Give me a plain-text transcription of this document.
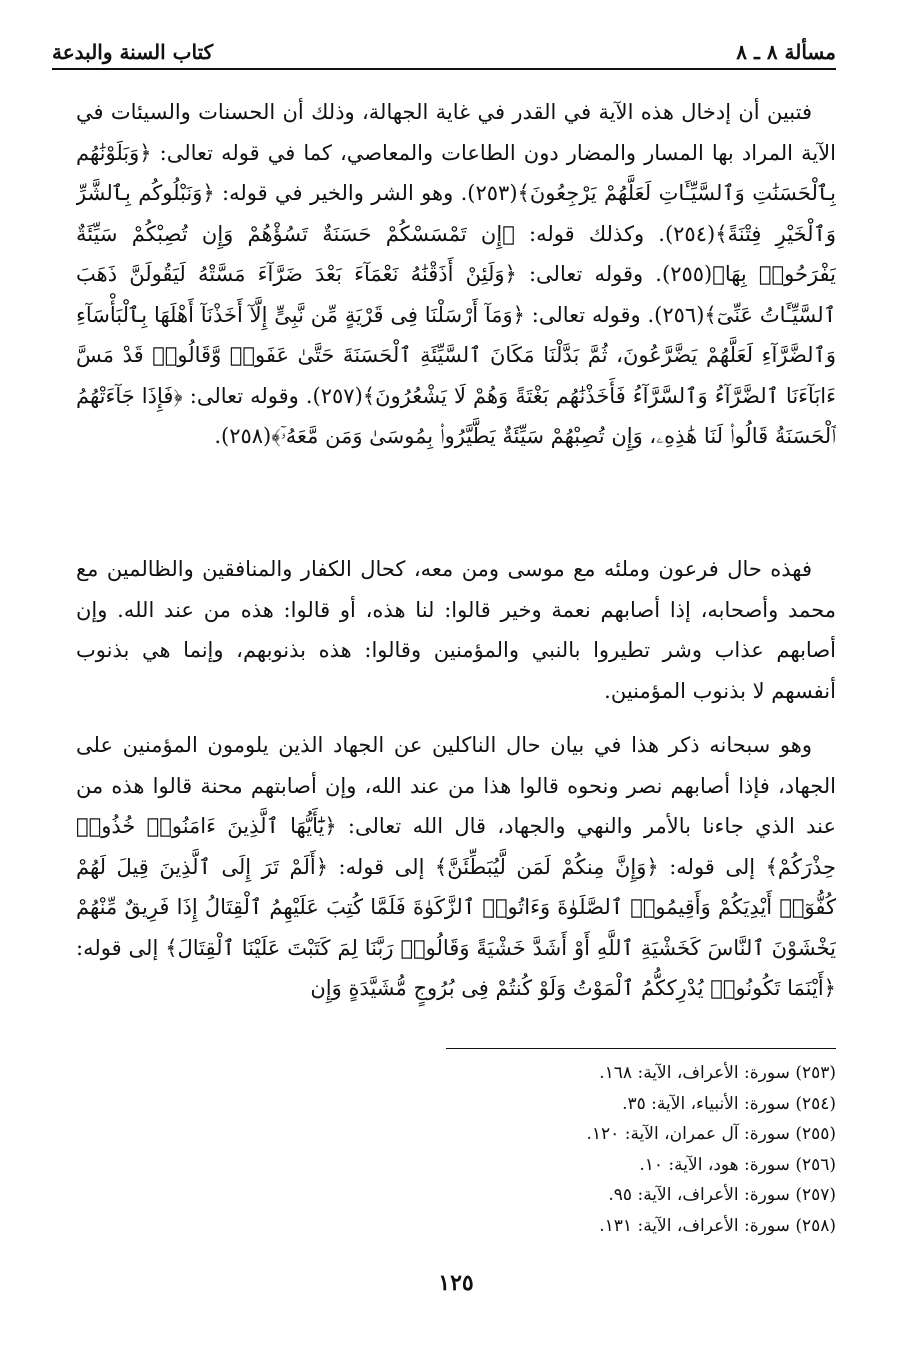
مسألة ٨ ـ ٨
كتاب السنة والبدعة

فتبين أن إدخال هذه الآية في القدر في غاية الجهالة، وذلك أن الحسنات والسيئات في الآية المراد بها المسار والمضار دون الطاعات والمعاصي، كما في قوله تعالى: ﴿وَبَلَوْنَٰهُم بِٱلْحَسَنَٰتِ وَٱلسَّيِّـَٔاتِ لَعَلَّهُمْ يَرْجِعُونَ﴾(٢٥٣). وهو الشر والخير في قوله: ﴿وَنَبْلُوكُم بِٱلشَّرِّ وَٱلْخَيْرِ فِتْنَةً﴾(٢٥٤). وكذلك قوله: ﴿إِن تَمْسَسْكُمْ حَسَنَةٌ تَسُؤْهُمْ وَإِن تُصِبْكُمْ سَيِّئَةٌ يَفْرَحُوا۟ بِهَا﴾(٢٥٥). وقوله تعالى: ﴿وَلَئِنْ أَذَقْنَٰهُ نَعْمَآءَ بَعْدَ ضَرَّآءَ مَسَّتْهُ لَيَقُولَنَّ ذَهَبَ ٱلسَّيِّـَٔاتُ عَنِّىٓ﴾(٢٥٦). وقوله تعالى: ﴿وَمَآ أَرْسَلْنَا فِى قَرْيَةٍ مِّن نَّبِىٍّ إِلَّآ أَخَذْنَآ أَهْلَهَا بِٱلْبَأْسَآءِ وَٱلضَّرَّآءِ لَعَلَّهُمْ يَضَّرَّعُونَ، ثُمَّ بَدَّلْنَا مَكَانَ ٱلسَّيِّئَةِ ٱلْحَسَنَةَ حَتَّىٰ عَفَوا۟ وَّقَالُوا۟ قَدْ مَسَّ ءَابَآءَنَا ٱلضَّرَّآءُ وَٱلسَّرَّآءُ فَأَخَذْنَٰهُم بَغْتَةً وَهُمْ لَا يَشْعُرُونَ﴾(٢٥٧). وقوله تعالى: ﴿فَإِذَا جَآءَتْهُمُ ٱلْحَسَنَةُ قَالُوا۟ لَنَا هَٰذِهِۦ، وَإِن تُصِبْهُمْ سَيِّئَةٌ يَطَّيَّرُوا۟ بِمُوسَىٰ وَمَن مَّعَهُۥٓ﴾(٢٥٨).

فهذه حال فرعون وملئه مع موسى ومن معه، كحال الكفار والمنافقين والظالمين مع محمد وأصحابه، إذا أصابهم نعمة وخير قالوا: لنا هذه، أو قالوا: هذه من عند الله. وإن أصابهم عذاب وشر تطيروا بالنبي والمؤمنين وقالوا: هذه بذنوبهم، وإنما هي بذنوب أنفسهم لا بذنوب المؤمنين.

وهو سبحانه ذكر هذا في بيان حال الناكلين عن الجهاد الذين يلومون المؤمنين على الجهاد، فإذا أصابهم نصر ونحوه قالوا هذا من عند الله، وإن أصابتهم محنة قالوا هذه من عند الذي جاءنا بالأمر والنهي والجهاد، قال الله تعالى: ﴿يَٰٓأَيُّهَا ٱلَّذِينَ ءَامَنُوا۟ خُذُوا۟ حِذْرَكُمْ﴾ إلى قوله: ﴿وَإِنَّ مِنكُمْ لَمَن لَّيُبَطِّئَنَّ﴾ إلى قوله: ﴿أَلَمْ تَرَ إِلَى ٱلَّذِينَ قِيلَ لَهُمْ كُفُّوٓا۟ أَيْدِيَكُمْ وَأَقِيمُوا۟ ٱلصَّلَوٰةَ وَءَاتُوا۟ ٱلزَّكَوٰةَ فَلَمَّا كُتِبَ عَلَيْهِمُ ٱلْقِتَالُ إِذَا فَرِيقٌ مِّنْهُمْ يَخْشَوْنَ ٱلنَّاسَ كَخَشْيَةِ ٱللَّهِ أَوْ أَشَدَّ خَشْيَةً وَقَالُوا۟ رَبَّنَا لِمَ كَتَبْتَ عَلَيْنَا ٱلْقِتَالَ﴾ إلى قوله: ﴿أَيْنَمَا تَكُونُوا۟ يُدْرِككُّمُ ٱلْمَوْتُ وَلَوْ كُنتُمْ فِى بُرُوجٍ مُّشَيَّدَةٍ وَإِن

(٢٥٣) سورة: الأعراف، الآية: ١٦٨.
(٢٥٤) سورة: الأنبياء، الآية: ٣٥.
(٢٥٥) سورة: آل عمران، الآية: ١٢٠.
(٢٥٦) سورة: هود، الآية: ١٠.
(٢٥٧) سورة: الأعراف، الآية: ٩٥.
(٢٥٨) سورة: الأعراف، الآية: ١٣١.
١٢٥
